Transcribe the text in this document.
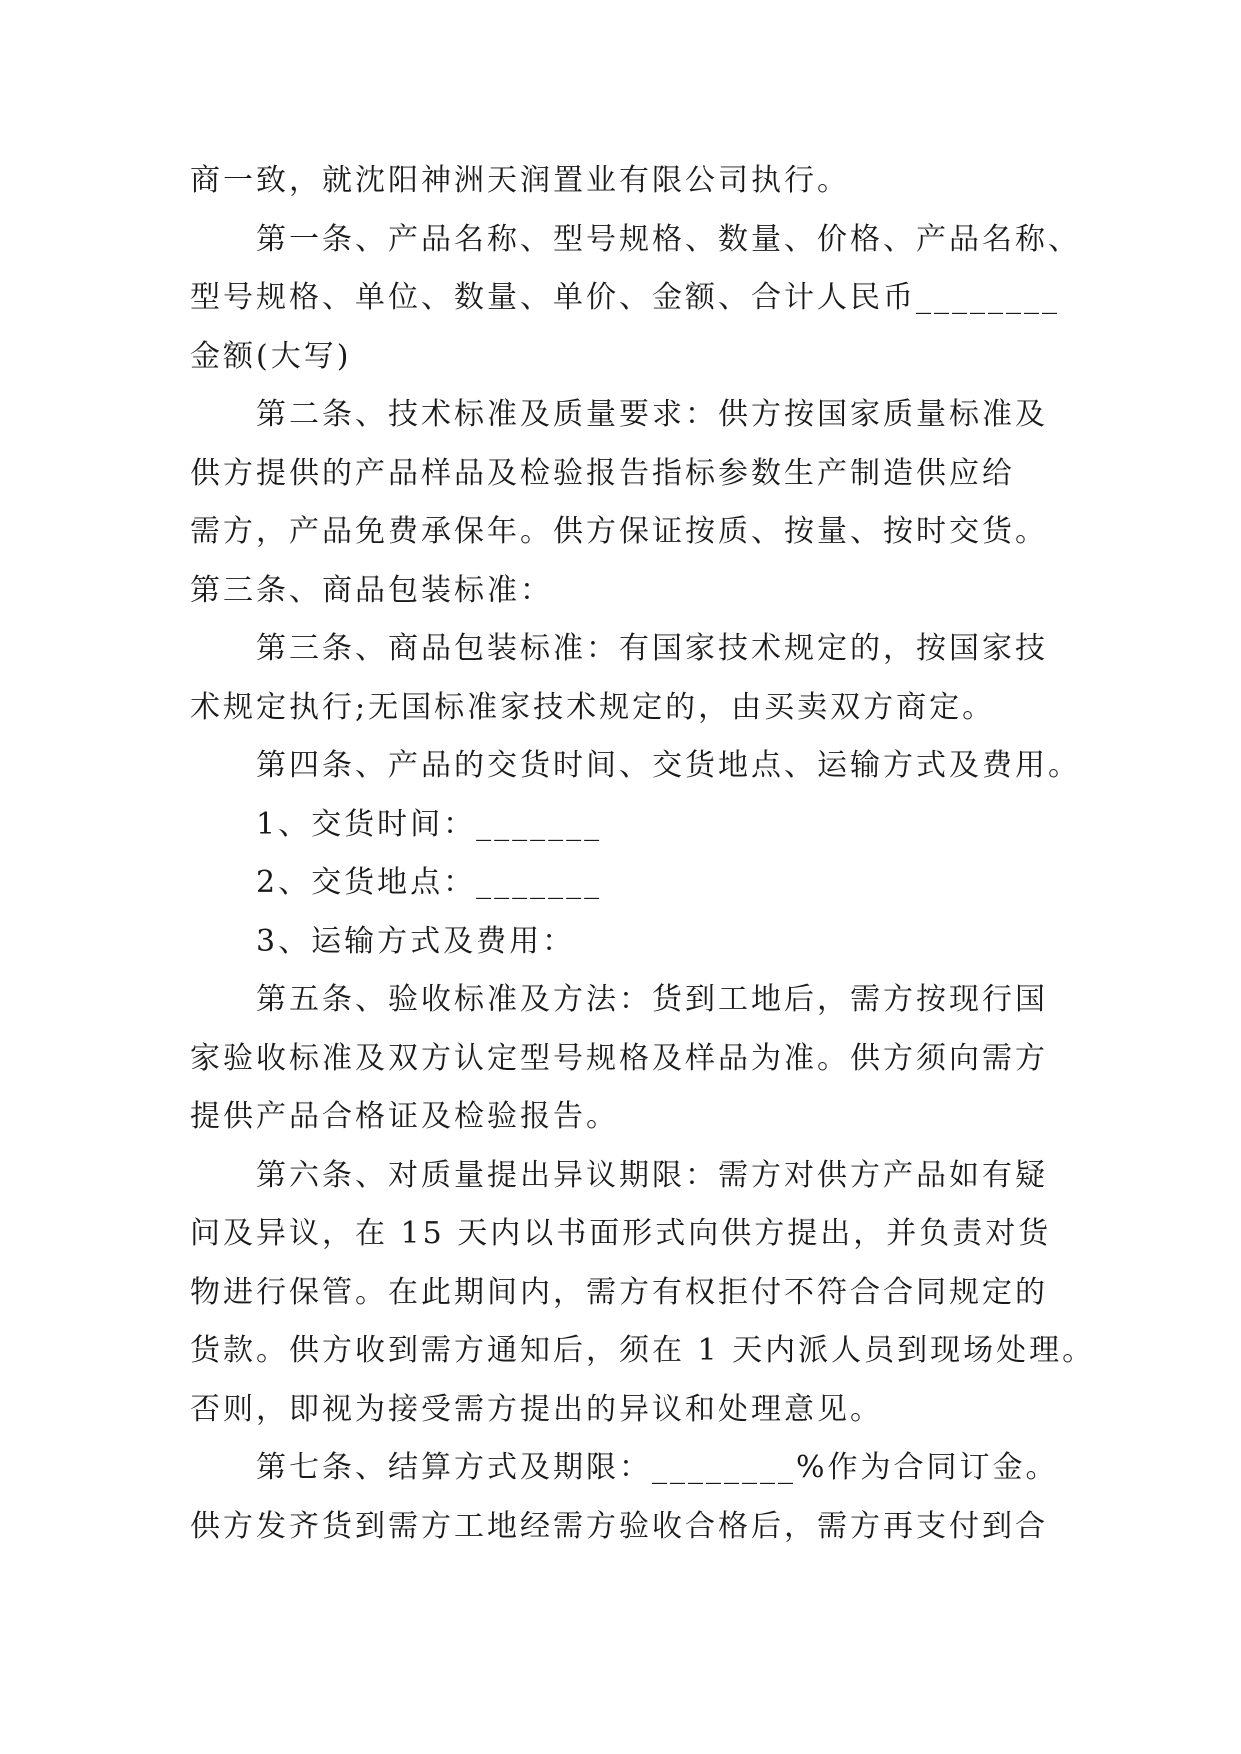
商一致，就沈阳神洲天润置业有限公司执行。
第一条、产品名称、型号规格、数量、价格、产品名称、
型号规格、单位、数量、单价、金额、合计人民币________
金额(大写)
第二条、技术标准及质量要求：供方按国家质量标准及
供方提供的产品样品及检验报告指标参数生产制造供应给
需方，产品免费承保年。供方保证按质、按量、按时交货。
第三条、商品包装标准：
第三条、商品包装标准：有国家技术规定的，按国家技
术规定执行;无国标准家技术规定的，由买卖双方商定。
第四条、产品的交货时间、交货地点、运输方式及费用。
1、交货时间：_______
2、交货地点：_______
3、运输方式及费用：
第五条、验收标准及方法：货到工地后，需方按现行国
家验收标准及双方认定型号规格及样品为准。供方须向需方
提供产品合格证及检验报告。
第六条、对质量提出异议期限：需方对供方产品如有疑
问及异议，在 15 天内以书面形式向供方提出，并负责对货
物进行保管。在此期间内，需方有权拒付不符合合同规定的
货款。供方收到需方通知后，须在 1 天内派人员到现场处理。
否则，即视为接受需方提出的异议和处理意见。
第七条、结算方式及期限：________%作为合同订金。
供方发齐货到需方工地经需方验收合格后，需方再支付到合
